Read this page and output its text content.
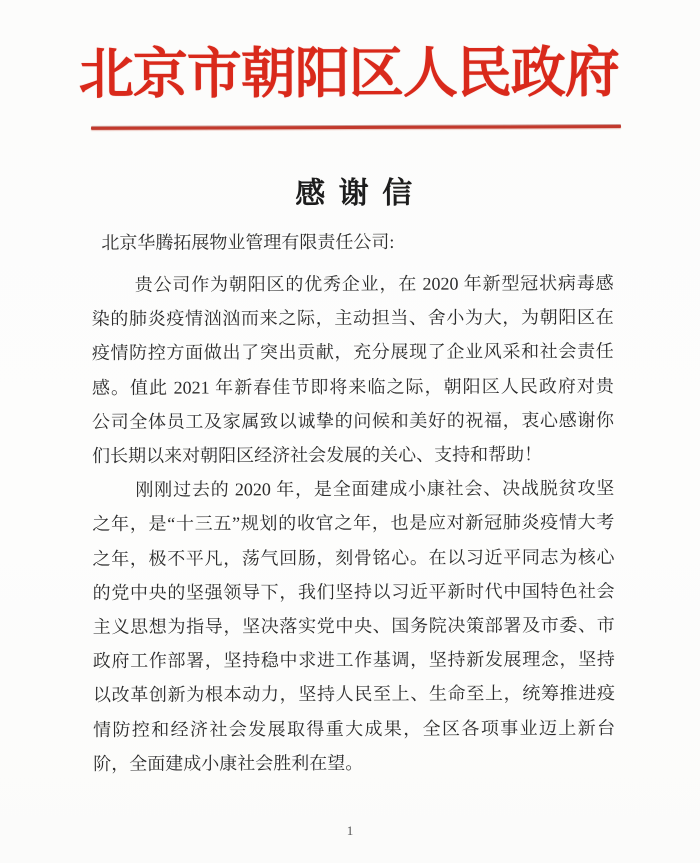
北京市朝阳区人民政府
感 谢 信
北京华腾拓展物业管理有限责任公司:
贵公司作为朝阳区的优秀企业，在 2020 年新型冠状病毒感
染的肺炎疫情汹汹而来之际，主动担当、舍小为大，为朝阳区在
疫情防控方面做出了突出贡献，充分展现了企业风采和社会责任
感。值此 2021 年新春佳节即将来临之际，朝阳区人民政府对贵
公司全体员工及家属致以诚挚的问候和美好的祝福，衷心感谢你
们长期以来对朝阳区经济社会发展的关心、支持和帮助！
刚刚过去的 2020 年，是全面建成小康社会、决战脱贫攻坚
之年，是“十三五”规划的收官之年，也是应对新冠肺炎疫情大考
之年，极不平凡，荡气回肠，刻骨铭心。在以习近平同志为核心
的党中央的坚强领导下，我们坚持以习近平新时代中国特色社会
主义思想为指导，坚决落实党中央、国务院决策部署及市委、市
政府工作部署，坚持稳中求进工作基调，坚持新发展理念，坚持
以改革创新为根本动力，坚持人民至上、生命至上，统筹推进疫
情防控和经济社会发展取得重大成果，全区各项事业迈上新台
阶，全面建成小康社会胜利在望。
1
